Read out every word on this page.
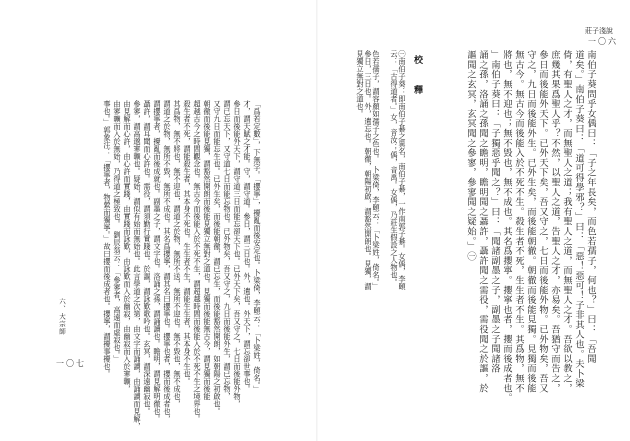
莊子淺說
一〇六
南伯子葵問乎女偊曰：「子之年長矣，而色若孺子，何也？」曰：「吾聞
道矣。」南伯子葵曰：「道可得學邪？」曰：「惡！惡可！子非其人也。夫卜梁
倚，有聖人之才，而無聖人之道；我有聖人之道，而無聖人之才。吾欲以教之，
庶幾其果爲聖人乎？不然，以聖人之道，告聖人之才，亦易矣。吾猶守而告之，
參日而後能外天下。已外天下矣，吾又守之，七日而後能外物。已外物矣，吾又
守之，九日而後能外生。已外生矣，而後能朝徹。朝徹而後能見獨。見獨而後能
無古今。無古今而後能入於不死不生。殺生者不死，生生者不生。其爲物，無不
將也，無不迎也；無不毀也，無不成也。其名爲攖寧。攖寧也者，攖而後成者也。
」南伯子葵曰：「子獨惡乎聞之？」曰：「聞諸副墨之子，副墨之子聞諸洛
誦之孫，洛誦之孫聞之瞻明，瞻明聞之聶許，聶許聞之需役，需役聞之於謳，於
謳聞之玄冥，玄冥聞之參寥，參寥聞之疑始。」㊀
校　釋
㊀南伯子葵：即南伯子綦之異名，南伯子綦，一作南郭子綦。女偊，李頤云：「古得道者。」女，音汝；偊，音禹。女偊，乃莊生假設之人物也。
色若孺子，謂容顏如孺子之色也。　卜梁倚，李頤云：「卜梁姓，倚名。」　參日，三日也。外，遺忘也。朝徹，朝陽初啟，謂豁然開朗也。見獨，謂見獨立無對之道也。
「爲若定數」，下無字。「攖寧」，擾亂而後安定也。卜梁倚，李頤云：「卜梁姓，倚名。」
才，謂天賦之才能。守，謂守道。參日，謂三日也。外，遺也。外天下，謂忘卻世事也。
參日而後能外天下，謂守道三日而能忘卻天下也。已外天下矣，吾又守之，七日而後能外物，
謂已忘天下，又守道七日而能忘物也。已外物矣，吾又守之，九日而後能外生，謂已忘物，
又守九日而能忘生也。已外生矣，而後能朝徹，謂已忘生，而後能豁然開朗，如朝陽之初啟也。
朝徹而後能見獨，謂豁然開朗而後能見獨立無對之道也。見獨而後能無古今，謂見獨而後能
超越古今之時間觀念也。無古今而後能入於不死不生，謂超越時間而後能入於不死不生之境界也。
殺生者不死，謂能殺生者，其本身不死也。生生者不生，謂能生生者，其本身不生也。
其爲物，無不將也，無不迎也，謂道之於物，無所不送，無所不迎也。無不毀也，無不成也，
謂道之於物，無所不毀，無所不成也。其名爲攖寧，謂其名曰攖寧也。攖寧也者，攖而後成者也，
謂攖寧者，擾亂而後成就也。副墨之子，謂文字也。洛誦之孫，謂誦讀也。瞻明，謂見解明徹也。
聶許，謂耳聞而心許也。需役，謂須勤行實踐也。於謳，謂詠歎歌吟也。玄冥，謂深遠幽寂也。
參寥，謂高邈寥曠也。疑始，謂似有始而無始也。此言學道之次第，由文字而誦讀，由誦讀而見解，
由見解而心許，由心許而實踐，由實踐而詠歎，由詠歎而入於幽寂，由幽寂而入於寥曠，
由寥曠而入於無始，乃得道之極致也。　劉辰翁云：「參寥者，高遠而虛寂也。」
事也。」郭象注：「攖寧者，物縈而獨寧。」故曰攖而後成者也。攖寧，謂擾事擾也。
六、大宗師
一〇七
